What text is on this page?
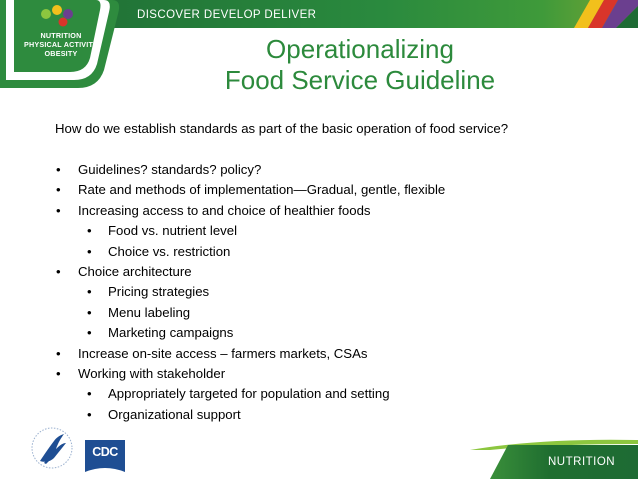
DISCOVER DEVELOP DELIVER
NUTRITION
PHYSICAL ACTIVITY
OBESITY	Operationalizing
Food Service Guideline

How do we establish standards as part of the basic operation of food service?

• Guidelines? standards? policy?
• Rate and methods of implementation—Gradual, gentle, flexible
• Increasing access to and choice of healthier foods
• Food vs. nutrient level
• Choice vs. restriction
• Choice architecture
• Pricing strategies
• Menu labeling
• Marketing campaigns
• Increase on-site access – farmers markets, CSAs
• Working with stakeholder
• Appropriately targeted for population and setting
• Organizational support
CDC
NUTRITION
